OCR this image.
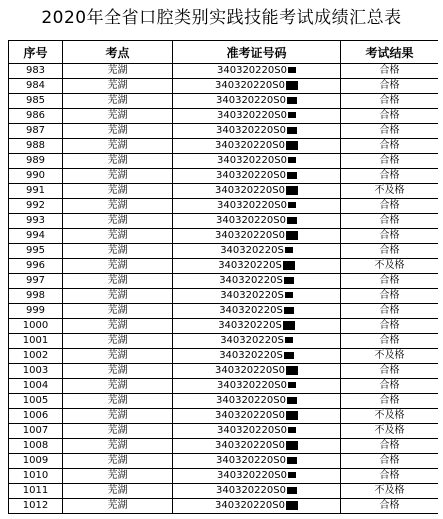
2020年全省口腔类别实践技能考试成绩汇总表
序号	考点	准考证号码	考试结果
983	芜湖	340320220S0	合格
984	芜湖	340320220S0	合格
985	芜湖	340320220S0	合格
986	芜湖	340320220S0	合格
987	芜湖	340320220S0	合格
988	芜湖	340320220S0	合格
989	芜湖	340320220S0	合格
990	芜湖	340320220S0	合格
991	芜湖	340320220S0	不及格
992	芜湖	340320220S0	合格
993	芜湖	340320220S0	合格
994	芜湖	340320220S0	合格
995	芜湖	340320220S	合格
996	芜湖	340320220S	不及格
997	芜湖	340320220S	合格
998	芜湖	340320220S	合格
999	芜湖	340320220S	合格
1000	芜湖	340320220S	合格
1001	芜湖	340320220S	合格
1002	芜湖	340320220S	不及格
1003	芜湖	340320220S0	合格
1004	芜湖	340320220S0	合格
1005	芜湖	340320220S0	合格
1006	芜湖	340320220S0	不及格
1007	芜湖	340320220S0	不及格
1008	芜湖	340320220S0	合格
1009	芜湖	340320220S0	合格
1010	芜湖	340320220S0	合格
1011	芜湖	340320220S0	不及格
1012	芜湖	340320220S0	合格
